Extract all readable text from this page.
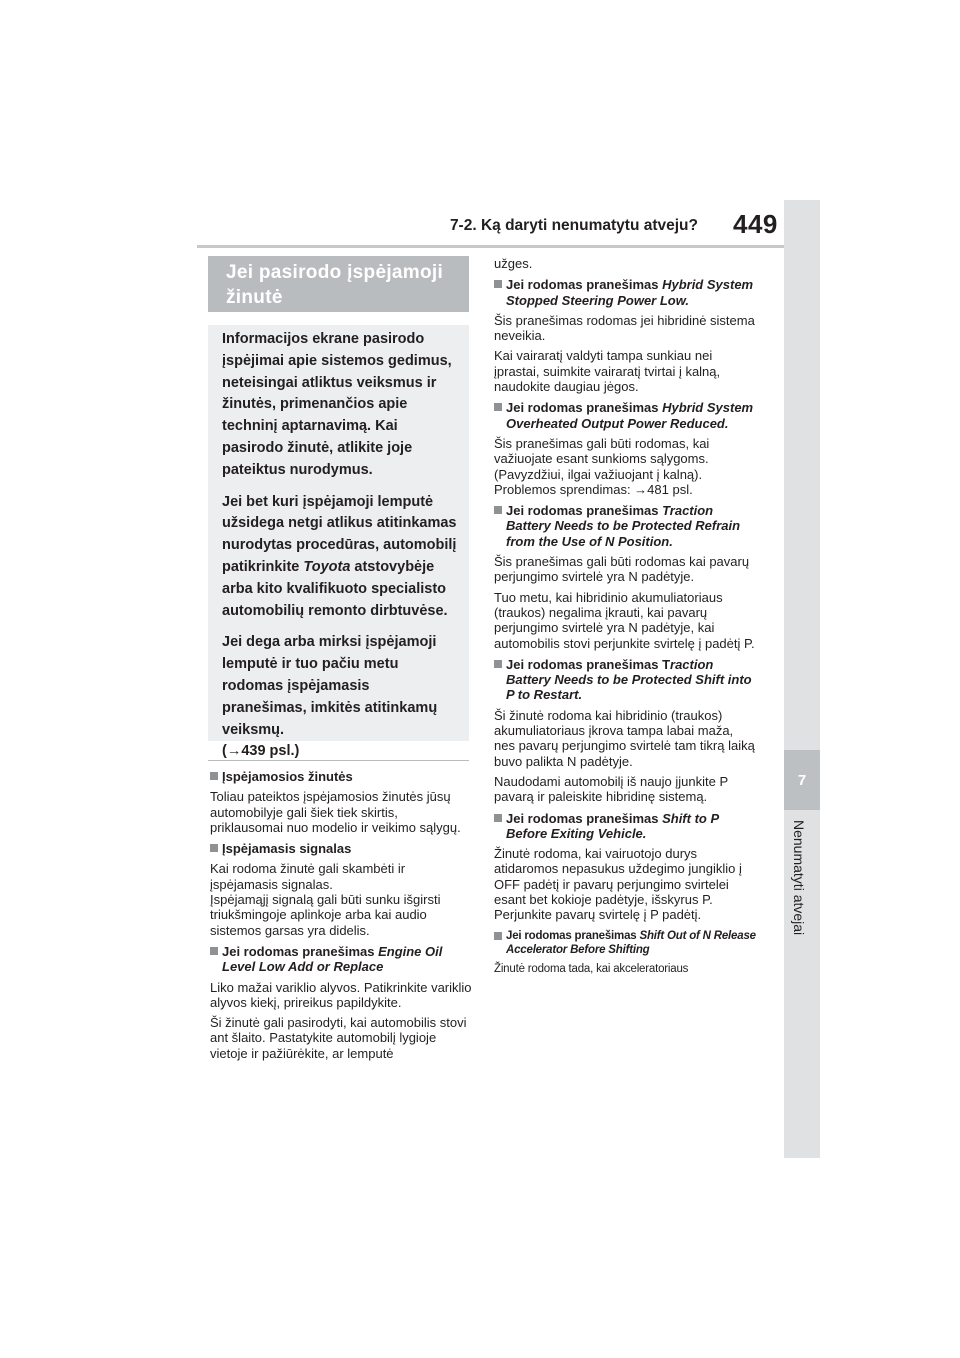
7-2. Ką daryti nenumatytu atveju? 449
7
Nenumatyti atvejai
Jei pasirodo įspėjamoji žinutė

Informacijos ekrane pasirodo įspėjimai apie sistemos gedimus, neteisingai atliktus veiksmus ir žinutės, primenančios apie techninį aptarnavimą. Kai pasirodo žinutė, atlikite joje pateiktus nurodymus.

Jei bet kuri įspėjamoji lemputė užsidega netgi atlikus atitinkamas nurodytas procedūras, automobilį patikrinkite Toyota atstovybėje arba kito kvalifikuoto specialisto automobilių remonto dirbtuvėse.

Jei dega arba mirksi įspėjamoji lemputė ir tuo pačiu metu rodomas įspėjamasis pranešimas, imkitės atitinkamų veiksmų.
(→439 psl.)

Įspėjamosios žinutės

Toliau pateiktos įspėjamosios žinutės jūsų automobilyje gali šiek tiek skirtis, priklausomai nuo modelio ir veikimo sąlygų.

Įspėjamasis signalas

Kai rodoma žinutė gali skambėti ir įspėjamasis signalas.
Įspėjamąjį signalą gali būti sunku išgirsti triukšmingoje aplinkoje arba kai audio sistemos garsas yra didelis.

Jei rodomas pranešimas Engine Oil Level Low Add or Replace

Liko mažai variklio alyvos. Patikrinkite variklio alyvos kiekį, prireikus papildykite.

Ši žinutė gali pasirodyti, kai automobilis stovi ant šlaito. Pastatykite automobilį lygioje vietoje ir pažiūrėkite, ar lemputė

užges.

Jei rodomas pranešimas Hybrid System Stopped Steering Power Low.

Šis pranešimas rodomas jei hibridinė sistema neveikia.

Kai vairaratį valdyti tampa sunkiau nei įprastai, suimkite vairaratį tvirtai į kalną, naudokite daugiau jėgos.

Jei rodomas pranešimas Hybrid System Overheated Output Power Reduced.

Šis pranešimas gali būti rodomas, kai važiuojate esant sunkioms sąlygoms. (Pavyzdžiui, ilgai važiuojant į kalną). Problemos sprendimas: →481 psl.

Jei rodomas pranešimas Traction Battery Needs to be Protected Refrain from the Use of N Position.

Šis pranešimas gali būti rodomas kai pavarų perjungimo svirtelė yra N padėtyje.

Tuo metu, kai hibridinio akumuliatoriaus (traukos) negalima įkrauti, kai pavarų perjungimo svirtelė yra N padėtyje, kai automobilis stovi perjunkite svirtelę į padėtį P.

Jei rodomas pranešimas Traction Battery Needs to be Protected Shift into P to Restart.

Ši žinutė rodoma kai hibridinio (traukos) akumuliatoriaus įkrova tampa labai maža, nes pavarų perjungimo svirtelė tam tikrą laiką buvo palikta N padėtyje.

Naudodami automobilį iš naujo įjunkite P pavarą ir paleiskite hibridinę sistemą.

Jei rodomas pranešimas Shift to P Before Exiting Vehicle.

Žinutė rodoma, kai vairuotojo durys atidaromos nepasukus uždegimo jungiklio į OFF padėtį ir pavarų perjungimo svirtelei esant bet kokioje padėtyje, išskyrus P. Perjunkite pavarų svirtelę į P padėtį.

Jei rodomas pranešimas Shift Out of N Release Accelerator Before Shifting

Žinutė rodoma tada, kai akceleratoriaus
